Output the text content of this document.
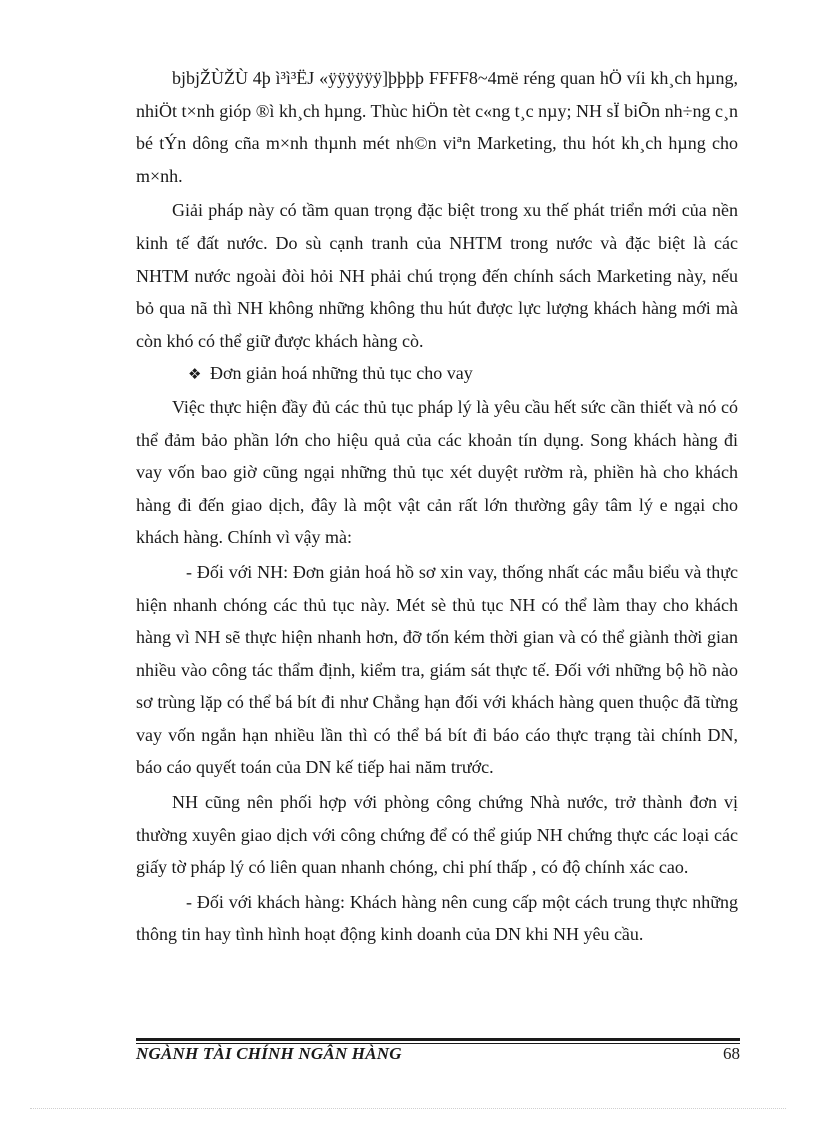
bjbjŽÙŽÙ 4þ ì³ì³ËJ «ÿÿÿÿÿÿ]þþþþ FFFF8~4më réng quan hÖ víi kh¸ch hµng, nhiÖt t×nh gióp ®ì kh¸ch hµng. Thùc hiÖn tèt c«ng t¸c nµy; NH sÏ biÕn nh÷ng c¸n bé tÝn dông cña m×nh thµnh mét nh©n viªn Marketing, thu hót kh¸ch hµng cho m×nh.

Giải pháp này có tầm quan trọng đặc biệt trong xu thế phát triển mới của nền kinh tế đất nước. Do sù cạnh tranh của NHTM trong nước và đặc biệt là các NHTM nước ngoài đòi hỏi NH phải chú trọng đến chính sách Marketing này, nếu bỏ qua nã thì NH không những không thu hút được lực lượng khách hàng mới mà còn khó có thể giữ được khách hàng cò.

❖ Đơn giản hoá những thủ tục cho vay

Việc thực hiện đầy đủ các thủ tục pháp lý là yêu cầu hết sức cần thiết và nó có thể đảm bảo phần lớn cho hiệu quả của các khoản tín dụng. Song khách hàng đi vay vốn bao giờ cũng ngại những thủ tục xét duyệt rườm rà, phiền hà cho khách hàng đi đến giao dịch, đây là một vật cản rất lớn thường gây tâm lý e ngại cho khách hàng. Chính vì vậy mà:

- Đối với NH: Đơn giản hoá hồ sơ xin vay, thống nhất các mẫu biểu và thực hiện nhanh chóng các thủ tục này. Mét sè thủ tục NH có thể làm thay cho khách hàng vì NH sẽ thực hiện nhanh hơn, đỡ tốn kém thời gian và có thể giành thời gian nhiều vào công tác thẩm định, kiểm tra, giám sát thực tế. Đối với những bộ hồ nào sơ trùng lặp có thể bá bít đi như Chẳng hạn đối với khách hàng quen thuộc đã từng vay vốn ngắn hạn nhiều lần thì có thể bá bít đi báo cáo thực trạng tài chính DN, báo cáo quyết toán của DN kế tiếp hai năm trước.

NH cũng nên phối hợp với phòng công chứng Nhà nước, trở thành đơn vị thường xuyên giao dịch với công chứng để có thể giúp NH chứng thực các loại các giấy tờ pháp lý có liên quan nhanh chóng, chi phí thấp , có độ chính xác cao.

- Đối với khách hàng: Khách hàng nên cung cấp một cách trung thực những thông tin hay tình hình hoạt động kinh doanh của DN khi NH yêu cầu.

NGÀNH TÀI CHÍNH NGÂN HÀNG	68
